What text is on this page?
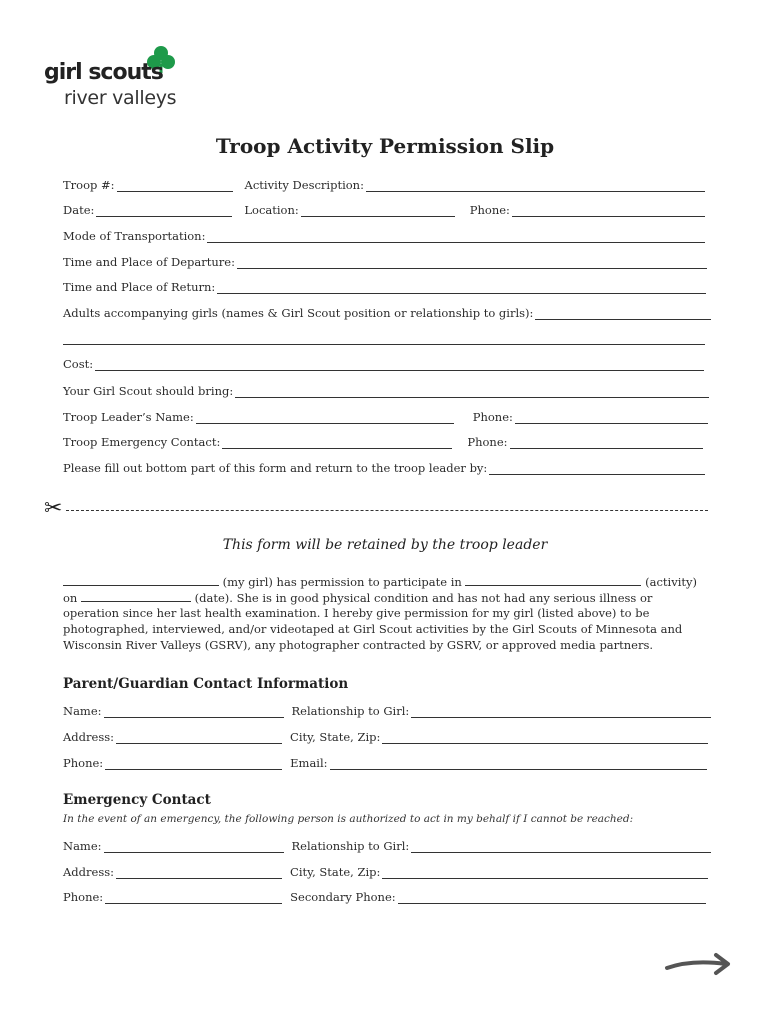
girl scouts
river valleys
Troop Activity Permission Slip
Troop #:	Activity Description:
Date:	Location:	Phone:
Mode of Transportation:
Time and Place of Departure:
Time and Place of Return:
Adults accompanying girls (names & Girl Scout position or relationship to girls):
Cost:
Your Girl Scout should bring:
Troop Leader’s Name:	Phone:
Troop Emergency Contact:	Phone:
Please fill out bottom part of this form and return to the troop leader by:
✂
This form will be retained by the troop leader
(my girl) has permission to participate in	(activity)
on	(date). She is in good physical condition and has not had any serious illness or
operation since her last health examination. I hereby give permission for my girl (listed above) to be
photographed, interviewed, and/or videotaped at Girl Scout activities by the Girl Scouts of Minnesota and
Wisconsin River Valleys (GSRV), any photographer contracted by GSRV, or approved media partners.
Parent/Guardian Contact Information
Name:	Relationship to Girl:
Address:	City, State, Zip:
Phone:	Email:
Emergency Contact
In the event of an emergency, the following person is authorized to act in my behalf if I cannot be reached:
Name:	Relationship to Girl:
Address:	City, State, Zip:
Phone:	Secondary Phone:
